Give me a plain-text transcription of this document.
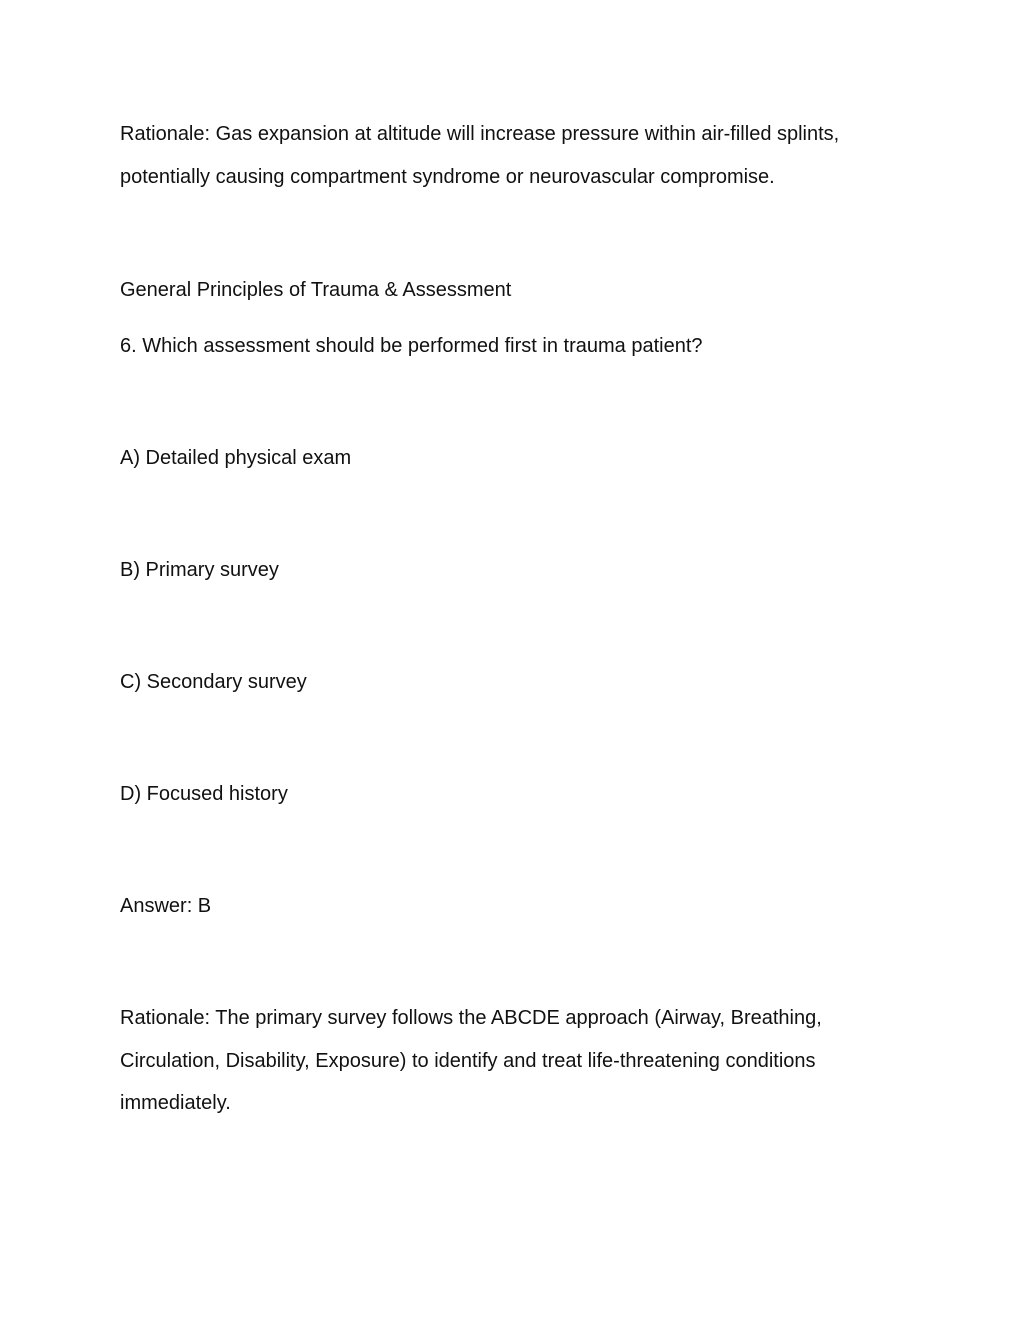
Rationale: Gas expansion at altitude will increase pressure within air-filled splints, potentially causing compartment syndrome or neurovascular compromise.

General Principles of Trauma & Assessment

6. Which assessment should be performed first in trauma patient?

A) Detailed physical exam

B) Primary survey

C) Secondary survey

D) Focused history

Answer: B

Rationale: The primary survey follows the ABCDE approach (Airway, Breathing, Circulation, Disability, Exposure) to identify and treat life-threatening conditions immediately.
